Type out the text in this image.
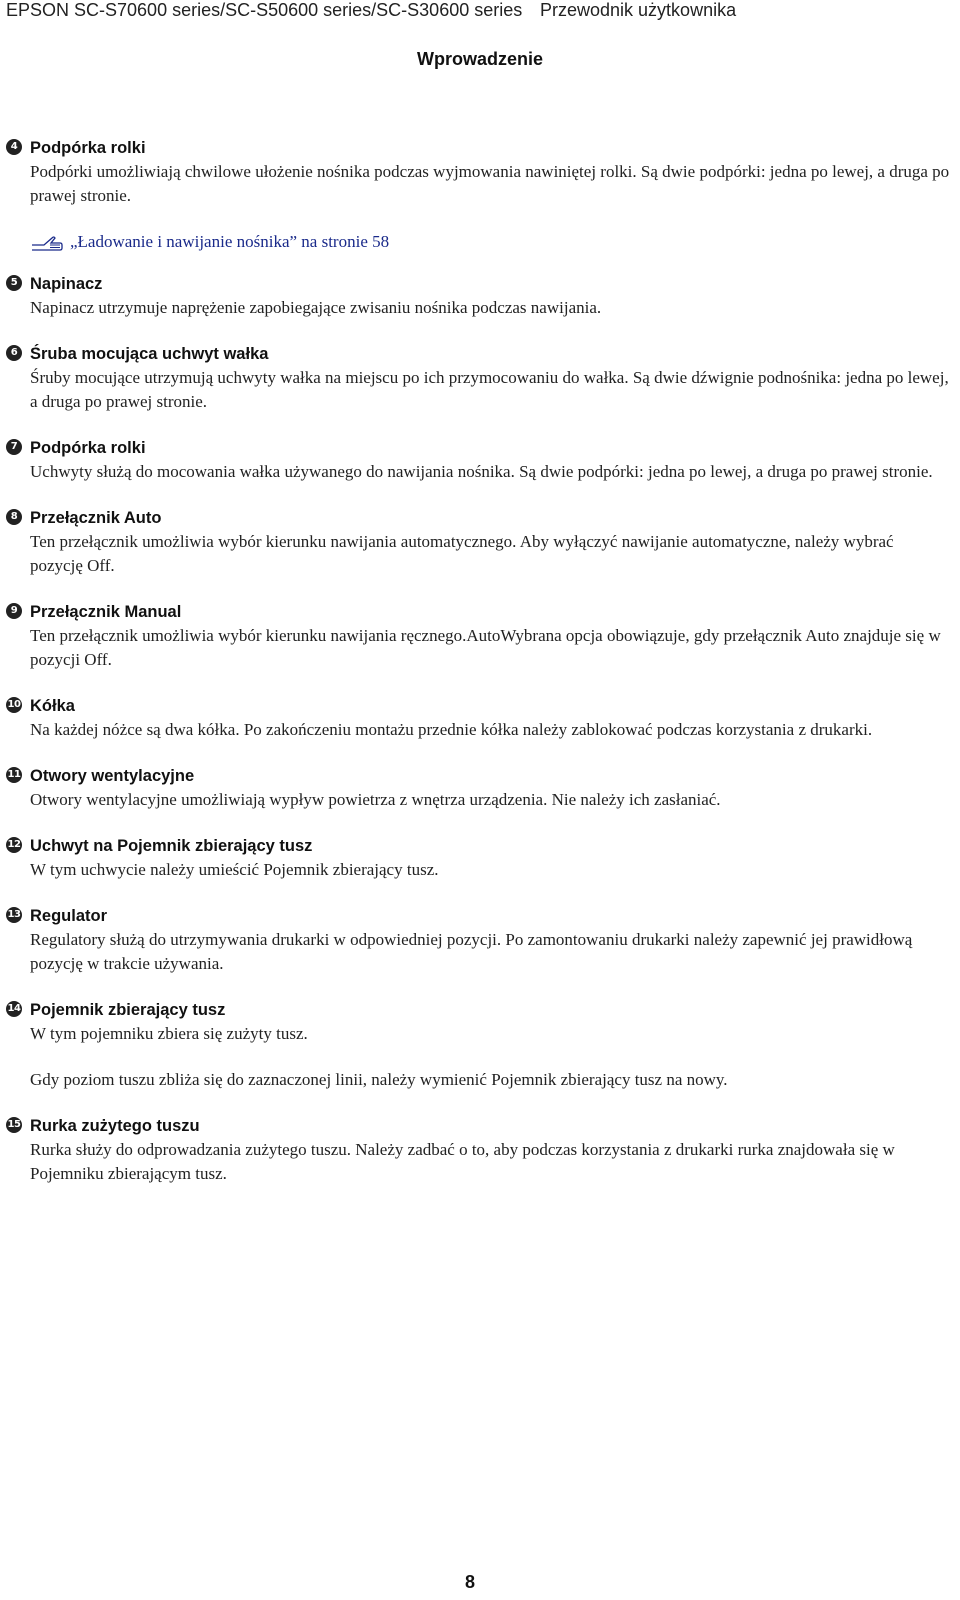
EPSON SC-S70600 series/SC-S50600 series/SC-S30600 series Przewodnik użytkownika
Wprowadzenie
4 Podpórka rolki
Podpórki umożliwiają chwilowe ułożenie nośnika podczas wyjmowania nawiniętej rolki. Są dwie podpórki: jedna po lewej, a druga po prawej stronie.
„Ładowanie i nawijanie nośnika” na stronie 58
5 Napinacz
Napinacz utrzymuje naprężenie zapobiegające zwisaniu nośnika podczas nawijania.
6 Śruba mocująca uchwyt wałka
Śruby mocujące utrzymują uchwyty wałka na miejscu po ich przymocowaniu do wałka. Są dwie dźwignie podnośnika: jedna po lewej, a druga po prawej stronie.
7 Podpórka rolki
Uchwyty służą do mocowania wałka używanego do nawijania nośnika. Są dwie podpórki: jedna po lewej, a druga po prawej stronie.
8 Przełącznik Auto
Ten przełącznik umożliwia wybór kierunku nawijania automatycznego. Aby wyłączyć nawijanie automatyczne, należy wybrać pozycję Off.
9 Przełącznik Manual
Ten przełącznik umożliwia wybór kierunku nawijania ręcznego.AutoWybrana opcja obowiązuje, gdy przełącznik Auto znajduje się w pozycji Off.
10 Kółka
Na każdej nóżce są dwa kółka. Po zakończeniu montażu przednie kółka należy zablokować podczas korzystania z drukarki.
11 Otwory wentylacyjne
Otwory wentylacyjne umożliwiają wypływ powietrza z wnętrza urządzenia. Nie należy ich zasłaniać.
12 Uchwyt na Pojemnik zbierający tusz
W tym uchwycie należy umieścić Pojemnik zbierający tusz.
13 Regulator
Regulatory służą do utrzymywania drukarki w odpowiedniej pozycji. Po zamontowaniu drukarki należy zapewnić jej prawidłową pozycję w trakcie używania.
14 Pojemnik zbierający tusz
W tym pojemniku zbiera się zużyty tusz.
Gdy poziom tuszu zbliża się do zaznaczonej linii, należy wymienić Pojemnik zbierający tusz na nowy.
15 Rurka zużytego tuszu
Rurka służy do odprowadzania zużytego tuszu. Należy zadbać o to, aby podczas korzystania z drukarki rurka znajdowała się w Pojemniku zbierającym tusz.
8
